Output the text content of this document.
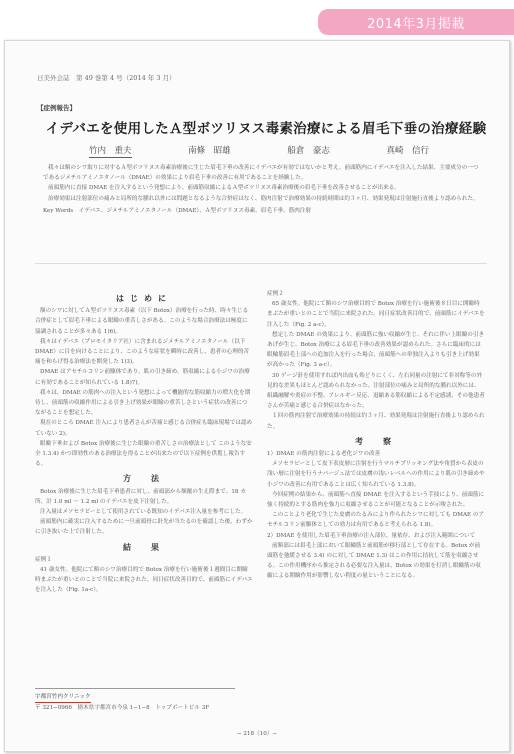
2014年3月掲載
日美外会誌　第 49 巻第 4 号（2014 年 3 月）
【症例報告】
イデバエを使用したＡ型ボツリヌス毒素治療による眉毛下垂の治療経験
竹内　重夫	南條　昭雄	船倉　豪志	真崎　信行

我々は額のシワ取りに対するＡ型ボツリヌス毒素治療後に生じた眉毛下垂の改善にイデバエが有効ではないかと考え、前頭筋内にイデバエを注入した結果、主要成分の一つであるジメチルアミノエタノール（DMAE）の効果により眉毛下垂の改善に有用であることを経験した。

前頭筋内に直接 DMAE を注入するという発想により、前頭筋収縮によるＡ型ボツリヌス毒素治療後の眉毛下垂を改善させることが出来る。

治療効果は注射部位の痛みと局所的な腫れ以外には問題となるような合併症はなく、筋肉注射で治療効果の持続時間は約３ヶ月、効果発現は注射施行直後より認められた。

Key Words　イデバエ、ジメチルアミノエタノール（DMAE）、Ａ型ボツリヌス毒素、眉毛下垂、筋肉注射
はじめに

額のシワに対してＡ型ボツリヌス毒素（以下 Botox）治療を行った時、時々生じる合併症として眉毛下垂による眼瞼の重苦しさがある。このような場合治療法は極度に協調されることが多々ある 1)6)。

我々はイデバエ（プロモイタリア社）に含まれるジメチルアミノエタノール（以下 DMAE）に目を向けることにより、このような症状を瞬時に改善し、患者の心理的苦痛を和らげ得る治療法を開発した 1)3)。

DMAE はアセチルコリン前駆体であり、肌の引き締め、筋収縮による小ジワの治療に有効であることが知られている 1.8)7)。

我々は、DMAE の筋肉への注入という発想によって機能的な筋収縮力の増大化を期待し、前頭筋の収縮作用による引き上げ効果が眼瞼の重苦しさという症状の改善につながることを想定した。

現在のところ DMAE 注入により患者さんが苦痛と感じる合併症も臨床現場では認めていない 2)。

眼瞼下垂および Botox 治療後に生じた眼瞼の重苦しさの治療法として このような安全 1.3.4) かつ即効性のある治療法を得ることが出来たので以下症例を供覧し報告する。

方　法

Botox 治療後に生じた眉毛下垂患者に対し、前頭部から額覆の生え際まで、18 カ所、計 1.0 ml 〜 1.2 ml のイデバエを皮下注射した。

注入量はメソセラピーとして使用されている既知のイデバエ注入量を参考にした。

前頭筋内に確実に注入するために一旦前頭骨に針先が当たるのを確認した後、わずかに引き抜いた上で注射した。

結　果

症例１

41 歳女性。他院にて額のシワ治療目的で Botox 治療を行い施術後１週間目に開瞼時まぶたが重いとのことで当院に来院された。同日症状改善目的で、前頭筋にイデバエを注入した（Fig. 1a-c）。

症例２

65 歳女性。他院にて額のシワ治療目的で Botox 治療を行い施術後８日目に開瞼時まぶたが重いとのことで当院に来院された。同日症状改善目的で、前頭筋にイデバエを注入した（Fig. 2 a-c）。

想定した DMAE の効果により、前頭筋に強い収縮が生じ、それに伴い上眼瞼の引きあげが生じ、Botox 治療による眉毛下垂の改善効果が認められた。さらに臨床的には眼輪筋眉毛上部への追加注入を行った場合、前頭筋への単独注入よりも引き上げ効果が高かった（Fig. 3 a-c）。

30 ゲージ針を使用すれば内出血も殆どりにくく、左右同量の注射にて非対称等の外見的な差異もほとんど認められなかった。注射部位の痛みと局所的な腫れ以外には、組織融解や炎症の不整、アレルギー反応、退縮ある筋収縮による不定感誘、その他患者さんが苦痛と感じる合併症はなかった。

１回の筋肉注射で治療効果の持続は約３ヶ月、効果発現は注射施行直後より認められた。

考　察

1）DMAE の筋肉注射による老化ジワの改善

メソセラピーとして皮下表皮層に注射を行うマルチプリッキング法や角質から表皮の浅い層に注射を行うナパージュ法では皮膚の浅いレベルへの作用により肌の引き締めや小ジワの改善に有用であることは広く知られている 1.3.8)。

今回症例の結果から、前頭筋へ直接 DMAE を注入するという手技により、前頭筋に強く持続的とする筋肉を強力に収縮させることが可能となることが示唆された。

このことより老化で生じた皮膚のたるみにより作られたシワに対しても DMAE のアセチルコリン前駆体としての効力は有用であると考えられる 1.8)。

2）DMAE を使用した眉毛下垂治療の注入部位、量依存、および注入範囲について

前額部には眉毛上部において眼輪筋と前頭筋が移行部として存在する。Botox が前頭筋を弛緩させる 3.4) のに対して DMAE 1.3) はこの作用に拮抗して筋を収縮させる。この作用機序から推定される必要な注入量は、Botox の効果を打消し眼輪筋の収縮による開瞼作用が影響しない程度の量ということになる。

宇都宮竹内クリニック
〒 321−0966　栃木県宇都宮市今泉 1−1−8　トップボートビル 3F
− 218（10）−
